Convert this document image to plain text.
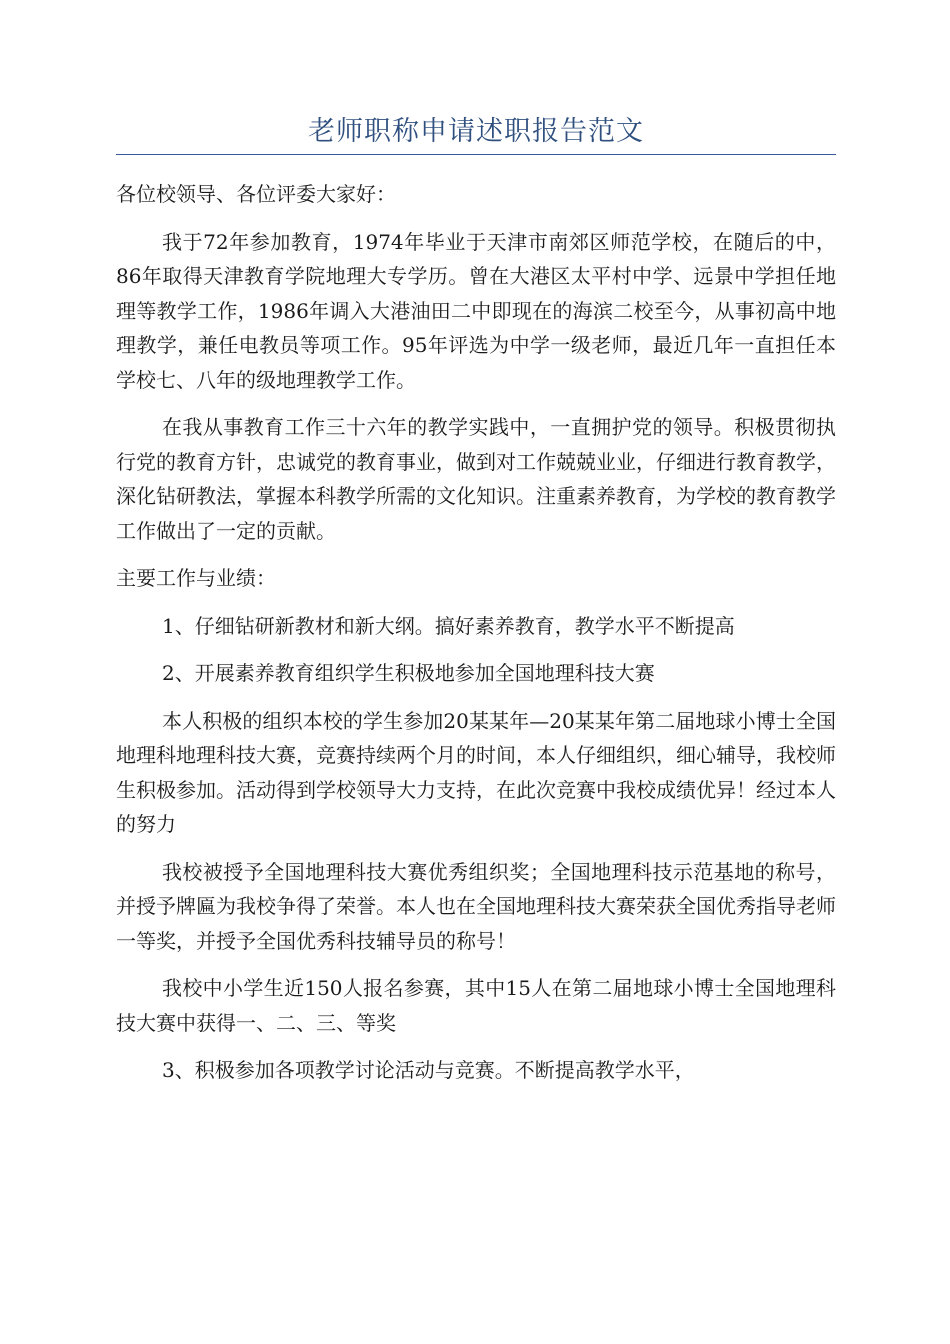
老师职称申请述职报告范文

各位校领导、各位评委大家好：

我于72年参加教育，1974年毕业于天津市南郊区师范学校，在随后的中，86年取得天津教育学院地理大专学历。曾在大港区太平村中学、远景中学担任地理等教学工作，1986年调入大港油田二中即现在的海滨二校至今，从事初高中地理教学，兼任电教员等项工作。95年评选为中学一级老师，最近几年一直担任本学校七、八年的级地理教学工作。

在我从事教育工作三十六年的教学实践中，一直拥护党的领导。积极贯彻执行党的教育方针，忠诚党的教育事业，做到对工作兢兢业业，仔细进行教育教学，深化钻研教法，掌握本科教学所需的文化知识。注重素养教育，为学校的教育教学工作做出了一定的贡献。

主要工作与业绩：

1、仔细钻研新教材和新大纲。搞好素养教育，教学水平不断提高

2、开展素养教育组织学生积极地参加全国地理科技大赛

本人积极的组织本校的学生参加20某某年—20某某年第二届地球小博士全国地理科地理科技大赛，竞赛持续两个月的时间，本人仔细组织，细心辅导，我校师生积极参加。活动得到学校领导大力支持，在此次竞赛中我校成绩优异！经过本人的努力

我校被授予全国地理科技大赛优秀组织奖；全国地理科技示范基地的称号，并授予牌匾为我校争得了荣誉。本人也在全国地理科技大赛荣获全国优秀指导老师一等奖，并授予全国优秀科技辅导员的称号！

我校中小学生近150人报名参赛，其中15人在第二届地球小博士全国地理科技大赛中获得一、二、三、等奖

3、积极参加各项教学讨论活动与竞赛。不断提高教学水平，
